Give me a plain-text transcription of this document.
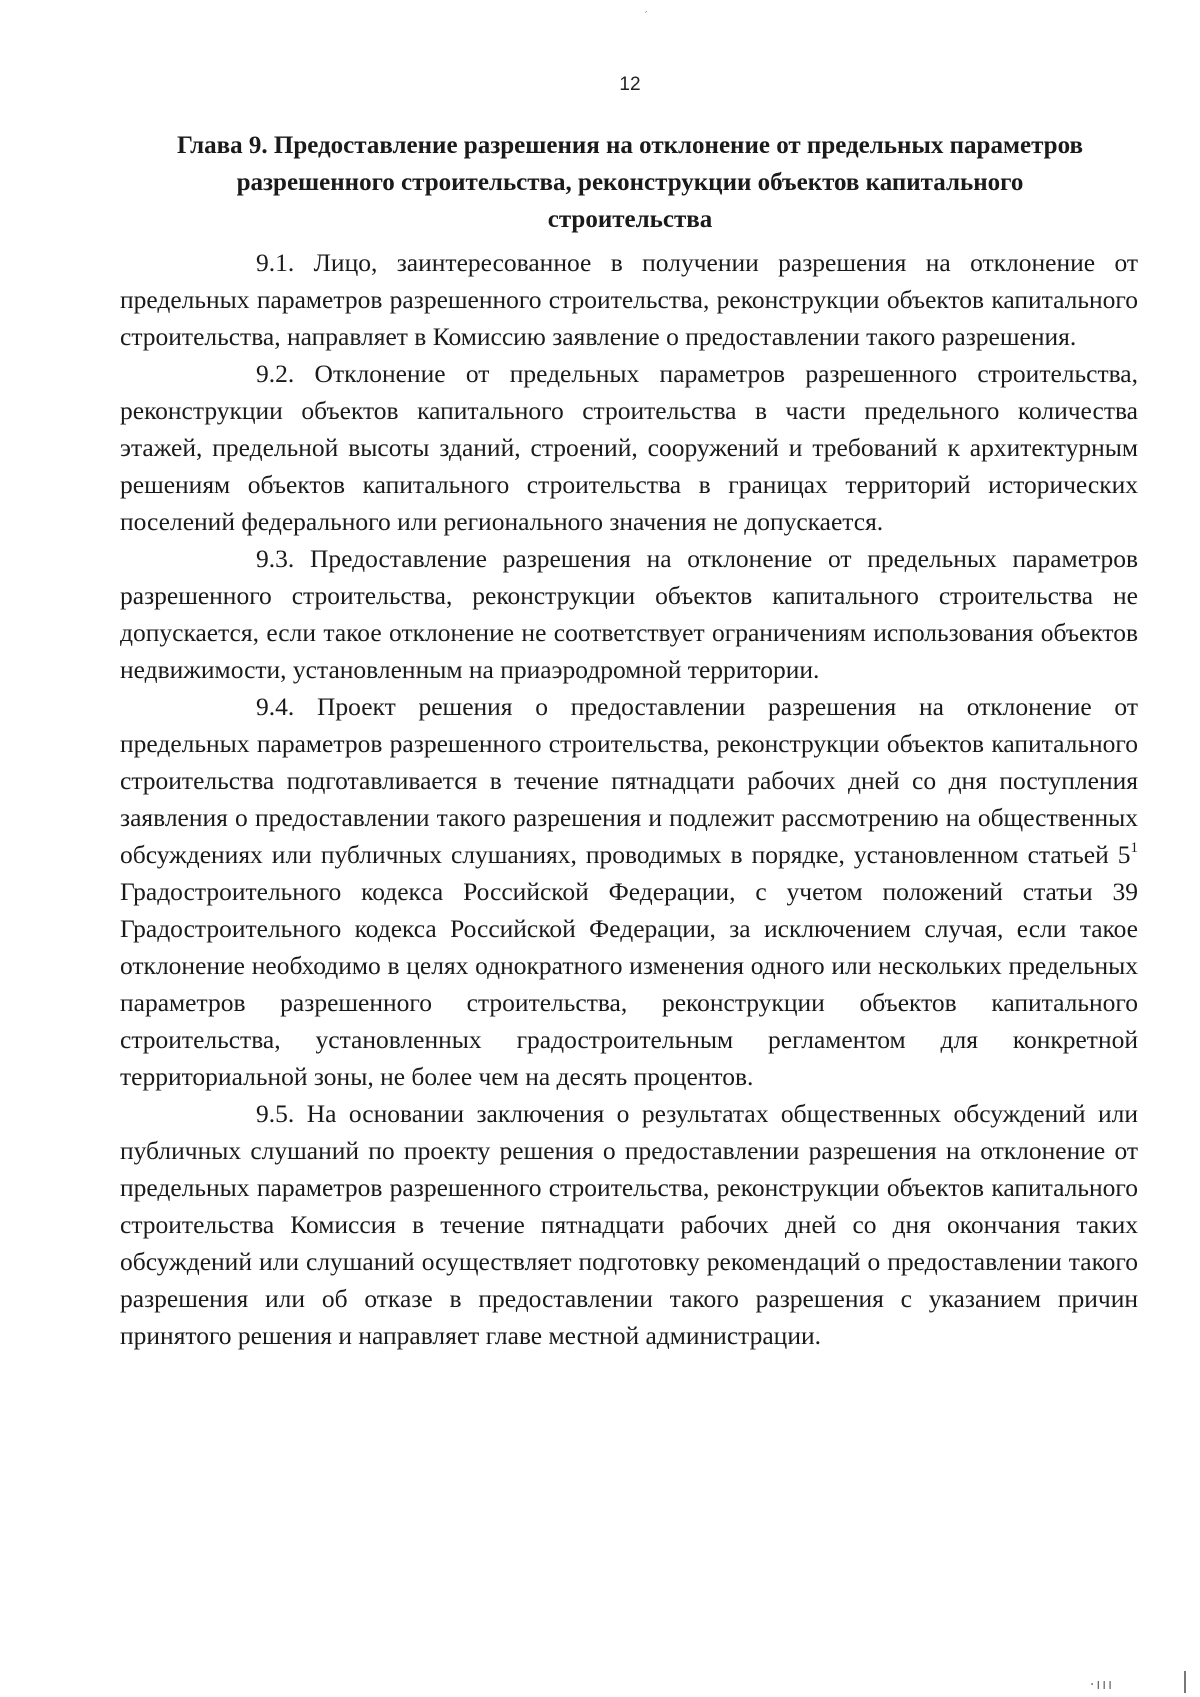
′
12
Глава 9. Предоставление разрешения на отклонение от предельных параметров разрешенного строительства, реконструкции объектов капитального строительства

9.1. Лицо, заинтересованное в получении разрешения на отклонение от предельных параметров разрешенного строительства, реконструкции объектов капитального строительства, направляет в Комиссию заявление о предоставлении такого разрешения.

9.2. Отклонение от предельных параметров разрешенного строительства, реконструкции объектов капитального строительства в части предельного количества этажей, предельной высоты зданий, строений, сооружений и требований к архитектурным решениям объектов капитального строительства в границах территорий исторических поселений федерального или регионального значения не допускается.

9.3. Предоставление разрешения на отклонение от предельных параметров разрешенного строительства, реконструкции объектов капитального строительства не допускается, если такое отклонение не соответствует ограничениям использования объектов недвижимости, установленным на приаэродромной территории.

9.4. Проект решения о предоставлении разрешения на отклонение от предельных параметров разрешенного строительства, реконструкции объектов капитального строительства подготавливается в течение пятнадцати рабочих дней со дня поступления заявления о предоставлении такого разрешения и подлежит рассмотрению на общественных обсуждениях или публичных слушаниях, проводимых в порядке, установленном статьей $5^1$ Градостроительного кодекса Российской Федерации, с учетом положений статьи 39 Градостроительного кодекса Российской Федерации, за исключением случая, если такое отклонение необходимо в целях однократного изменения одного или нескольких предельных параметров разрешенного строительства, реконструкции объектов капитального строительства, установленных градостроительным регламентом для конкретной территориальной зоны, не более чем на десять процентов.

9.5. На основании заключения о результатах общественных обсуждений или публичных слушаний по проекту решения о предоставлении разрешения на отклонение от предельных параметров разрешенного строительства, реконструкции объектов капитального строительства Комиссия в течение пятнадцати рабочих дней со дня окончания таких обсуждений или слушаний осуществляет подготовку рекомендаций о предоставлении такого разрешения или об отказе в предоставлении такого разрешения с указанием причин принятого решения и направляет главе местной администрации.

·ııı
